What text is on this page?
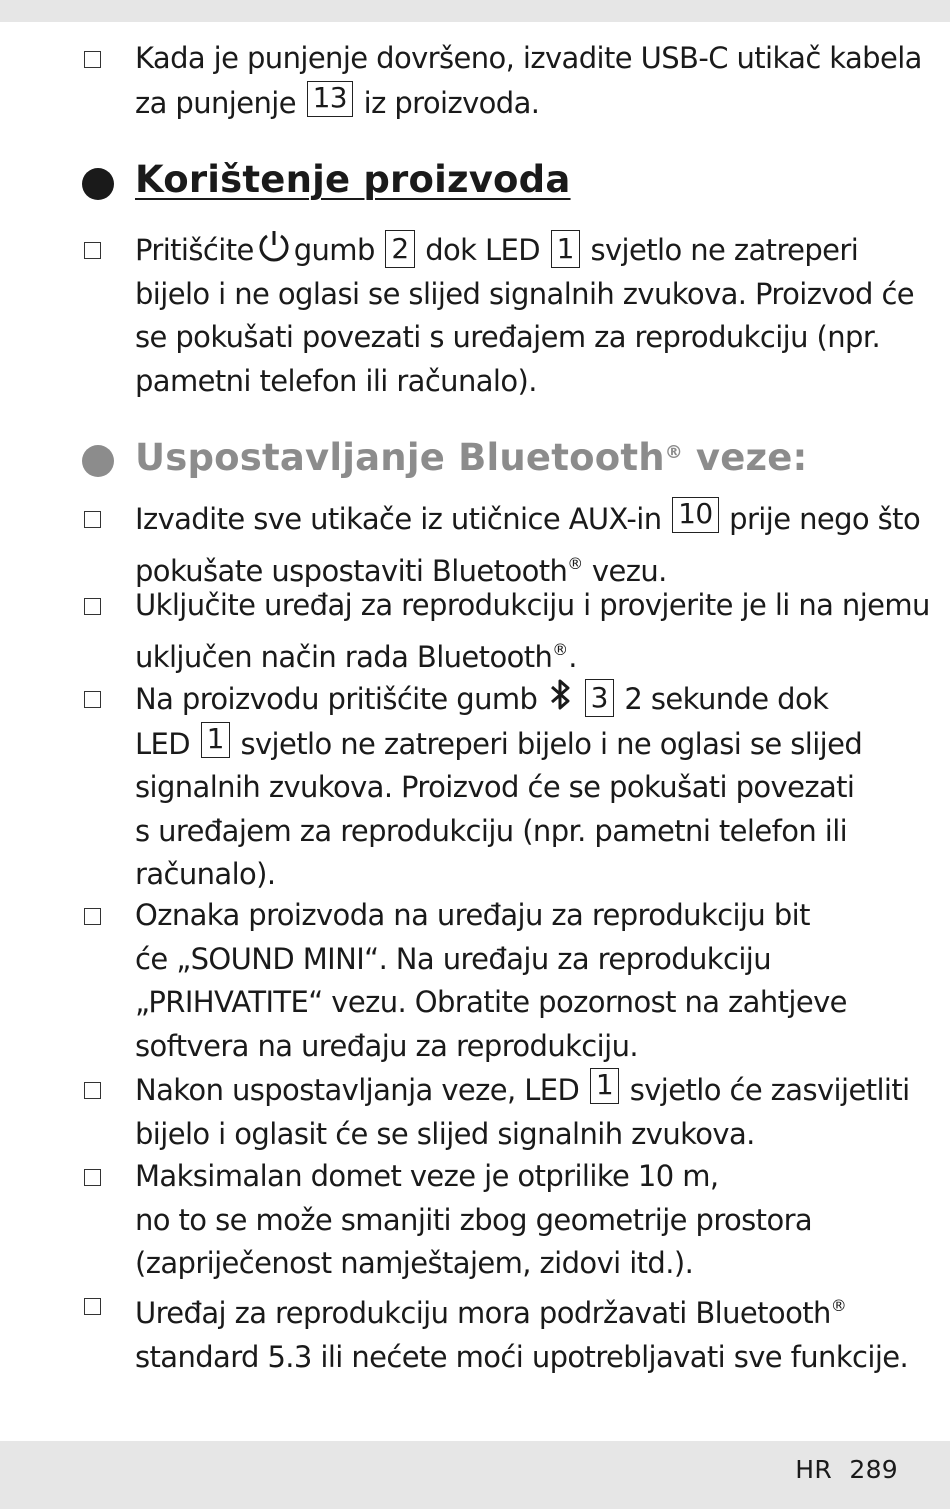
Kada je punjenje dovršeno, izvadite USB-C utikač kabela
za punjenje 13 iz proizvoda.
Korištenje proizvoda
Pritišćite gumb 2 dok LED 1 svjetlo ne zatreperi
bijelo i ne oglasi se slijed signalnih zvukova. Proizvod će
se pokušati povezati s uređajem za reprodukciju (npr.
pametni telefon ili računalo).
Uspostavljanje Bluetooth® veze:
Izvadite sve utikače iz utičnice AUX-in 10 prije nego što
pokušate uspostaviti Bluetooth® vezu.
Uključite uređaj za reprodukciju i provjerite je li na njemu
uključen način rada Bluetooth®.
Na proizvodu pritišćite gumb 3 2 sekunde dok
LED 1 svjetlo ne zatreperi bijelo i ne oglasi se slijed
signalnih zvukova. Proizvod će se pokušati povezati
s uređajem za reprodukciju (npr. pametni telefon ili
računalo).
Oznaka proizvoda na uređaju za reprodukciju bit
će „SOUND MINI“. Na uređaju za reprodukciju
„PRIHVATITE“ vezu. Obratite pozornost na zahtjeve
softvera na uređaju za reprodukciju.
Nakon uspostavljanja veze, LED 1 svjetlo će zasvijetliti
bijelo i oglasit će se slijed signalnih zvukova.
Maksimalan domet veze je otprilike 10 m,
no to se može smanjiti zbog geometrije prostora
(zapriječenost namještajem, zidovi itd.).
Uređaj za reprodukciju mora podržavati Bluetooth®
standard 5.3 ili nećete moći upotrebljavati sve funkcije.
HR 289
